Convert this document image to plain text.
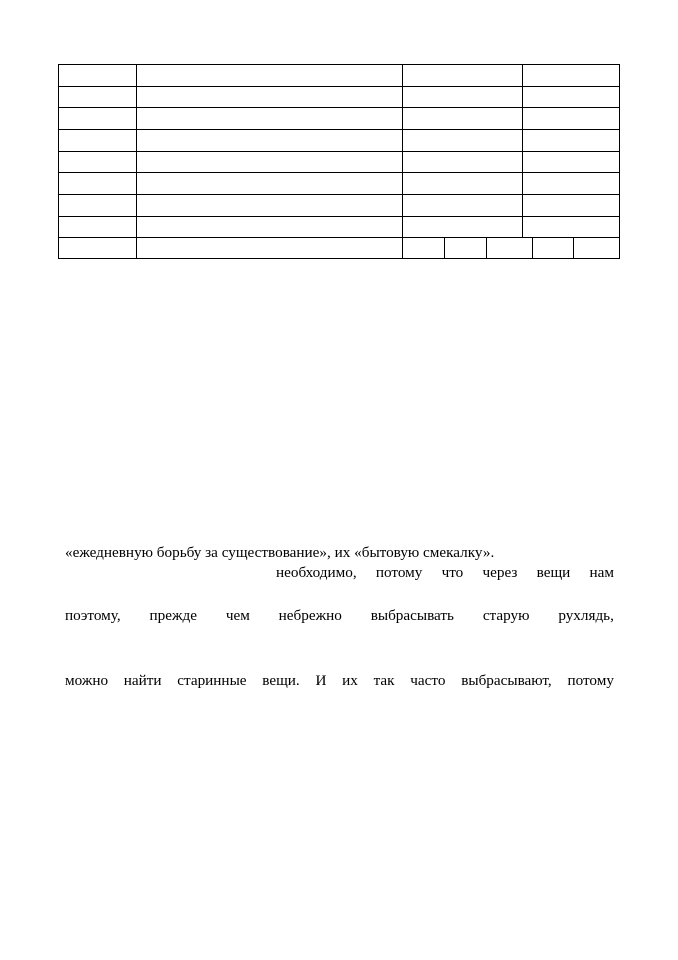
«ежедневную борьбу за существование», их «бытовую смекалку».

необходимо, потому что через вещи нам

поэтому, прежде чем небрежно выбрасывать старую рухлядь,

можно найти старинные вещи. И их так часто выбрасывают, потому
